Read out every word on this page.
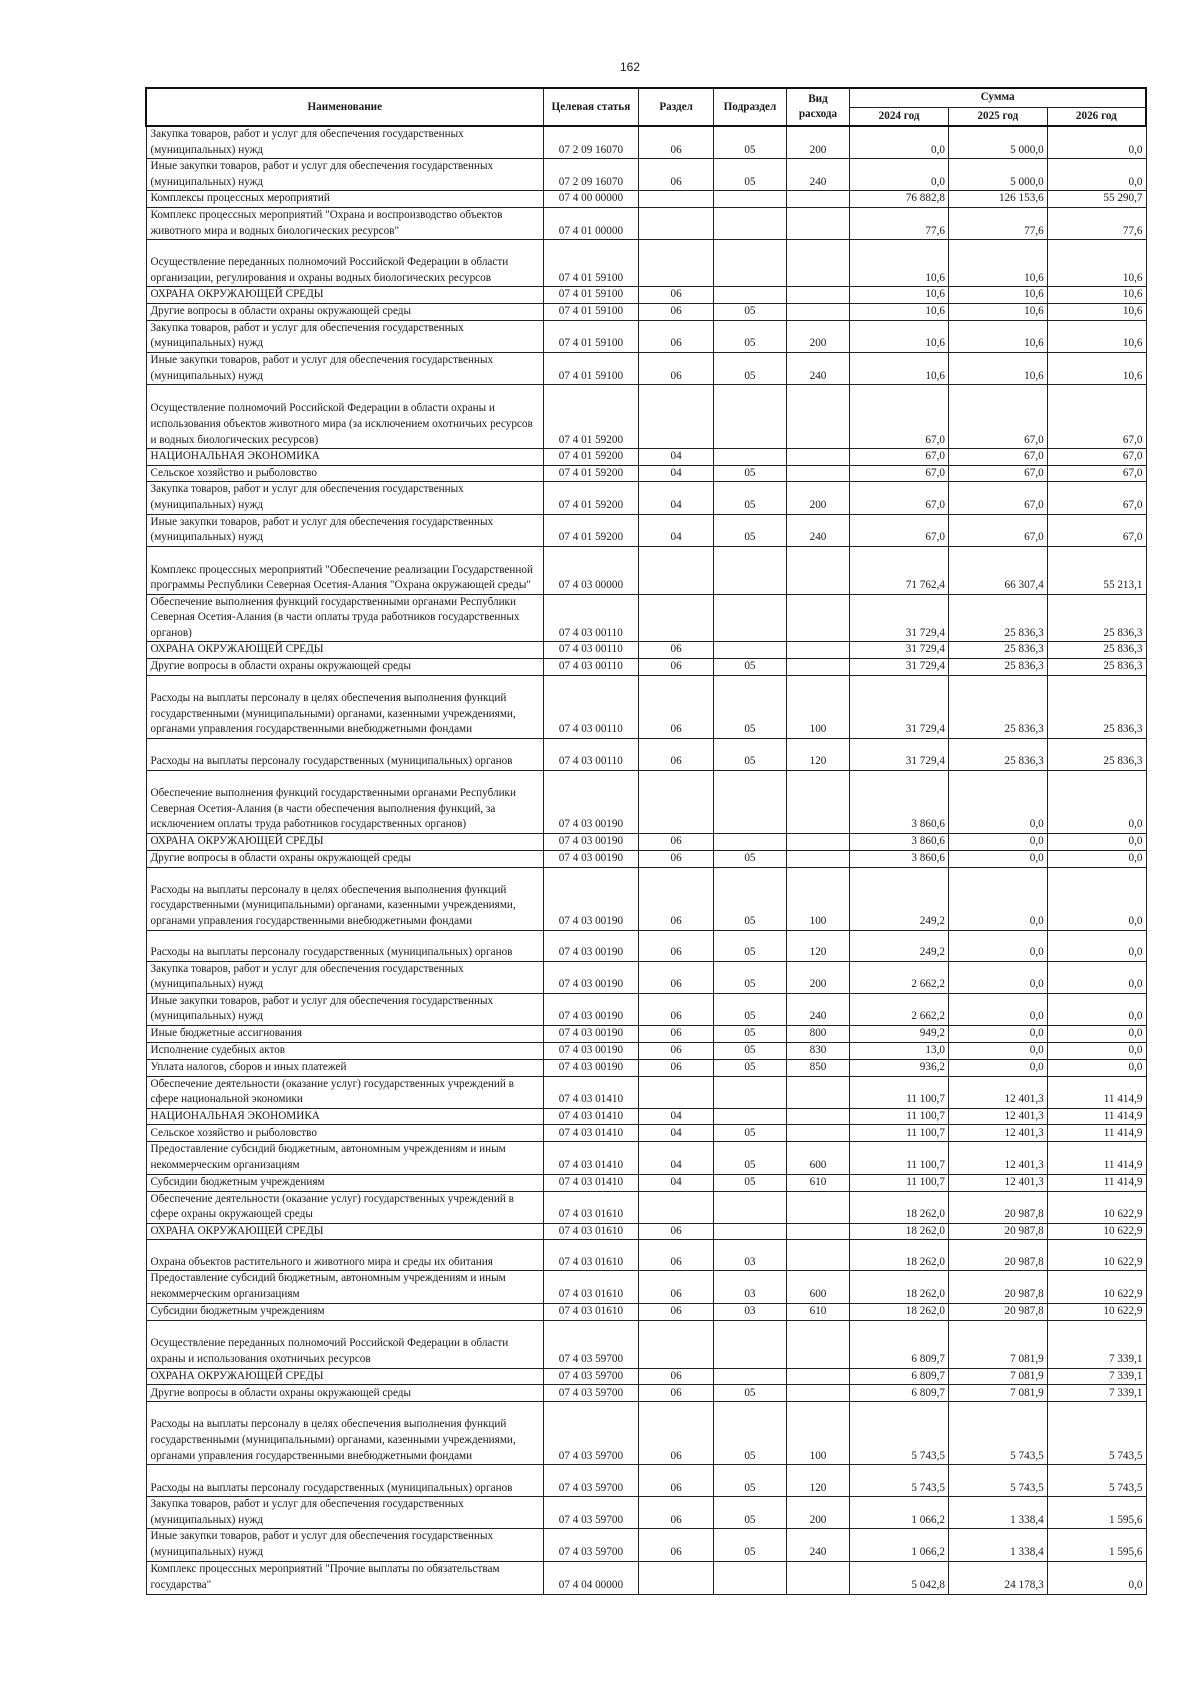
162
Наименование	Целевая статья	Раздел	Подраздел	Вид расхода	Сумма		
					2024 год	2025 год	2026 год
Закупка товаров, работ и услуг для обеспечения государственных (муниципальных) нужд	07 2 09 16070	06	05	200	0,0	5 000,0	0,0
Иные закупки товаров, работ и услуг для обеспечения государственных (муниципальных) нужд	07 2 09 16070	06	05	240	0,0	5 000,0	0,0
Комплексы процессных мероприятий	07 4 00 00000				76 882,8	126 153,6	55 290,7
Комплекс процессных мероприятий "Охрана и воспроизводство объектов животного мира и водных биологических ресурсов"	07 4 01 00000				77,6	77,6	77,6
Осуществление переданных полномочий Российской Федерации в области организации, регулирования и охраны водных биологических ресурсов	07 4 01 59100				10,6	10,6	10,6
ОХРАНА ОКРУЖАЮЩЕЙ СРЕДЫ	07 4 01 59100	06			10,6	10,6	10,6
Другие вопросы в области охраны окружающей среды	07 4 01 59100	06	05		10,6	10,6	10,6
Закупка товаров, работ и услуг для обеспечения государственных (муниципальных) нужд	07 4 01 59100	06	05	200	10,6	10,6	10,6
Иные закупки товаров, работ и услуг для обеспечения государственных (муниципальных) нужд	07 4 01 59100	06	05	240	10,6	10,6	10,6
Осуществление полномочий Российской Федерации в области охраны и использования объектов животного мира (за исключением охотничьих ресурсов и водных биологических ресурсов)	07 4 01 59200				67,0	67,0	67,0
НАЦИОНАЛЬНАЯ ЭКОНОМИКА	07 4 01 59200	04			67,0	67,0	67,0
Сельское хозяйство и рыболовство	07 4 01 59200	04	05		67,0	67,0	67,0
Закупка товаров, работ и услуг для обеспечения государственных (муниципальных) нужд	07 4 01 59200	04	05	200	67,0	67,0	67,0
Иные закупки товаров, работ и услуг для обеспечения государственных (муниципальных) нужд	07 4 01 59200	04	05	240	67,0	67,0	67,0
Комплекс процессных мероприятий "Обеспечение реализации Государственной программы Республики Северная Осетия-Алания "Охрана окружающей среды"	07 4 03 00000				71 762,4	66 307,4	55 213,1
Обеспечение выполнения функций государственными органами Республики Северная Осетия-Алания (в части оплаты труда работников государственных органов)	07 4 03 00110				31 729,4	25 836,3	25 836,3
ОХРАНА ОКРУЖАЮЩЕЙ СРЕДЫ	07 4 03 00110	06			31 729,4	25 836,3	25 836,3
Другие вопросы в области охраны окружающей среды	07 4 03 00110	06	05		31 729,4	25 836,3	25 836,3
Расходы на выплаты персоналу в целях обеспечения выполнения функций государственными (муниципальными) органами, казенными учреждениями, органами управления государственными внебюджетными фондами	07 4 03 00110	06	05	100	31 729,4	25 836,3	25 836,3
Расходы на выплаты персоналу государственных (муниципальных) органов	07 4 03 00110	06	05	120	31 729,4	25 836,3	25 836,3
Обеспечение выполнения функций государственными органами Республики Северная Осетия-Алания (в части обеспечения выполнения функций, за исключением оплаты труда работников государственных органов)	07 4 03 00190				3 860,6	0,0	0,0
ОХРАНА ОКРУЖАЮЩЕЙ СРЕДЫ	07 4 03 00190	06			3 860,6	0,0	0,0
Другие вопросы в области охраны окружающей среды	07 4 03 00190	06	05		3 860,6	0,0	0,0
Расходы на выплаты персоналу в целях обеспечения выполнения функций государственными (муниципальными) органами, казенными учреждениями, органами управления государственными внебюджетными фондами	07 4 03 00190	06	05	100	249,2	0,0	0,0
Расходы на выплаты персоналу государственных (муниципальных) органов	07 4 03 00190	06	05	120	249,2	0,0	0,0
Закупка товаров, работ и услуг для обеспечения государственных (муниципальных) нужд	07 4 03 00190	06	05	200	2 662,2	0,0	0,0
Иные закупки товаров, работ и услуг для обеспечения государственных (муниципальных) нужд	07 4 03 00190	06	05	240	2 662,2	0,0	0,0
Иные бюджетные ассигнования	07 4 03 00190	06	05	800	949,2	0,0	0,0
Исполнение судебных актов	07 4 03 00190	06	05	830	13,0	0,0	0,0
Уплата налогов, сборов и иных платежей	07 4 03 00190	06	05	850	936,2	0,0	0,0
Обеспечение деятельности (оказание услуг) государственных учреждений в сфере национальной экономики	07 4 03 01410				11 100,7	12 401,3	11 414,9
НАЦИОНАЛЬНАЯ ЭКОНОМИКА	07 4 03 01410	04			11 100,7	12 401,3	11 414,9
Сельское хозяйство и рыболовство	07 4 03 01410	04	05		11 100,7	12 401,3	11 414,9
Предоставление субсидий бюджетным, автономным учреждениям и иным некоммерческим организациям	07 4 03 01410	04	05	600	11 100,7	12 401,3	11 414,9
Субсидии бюджетным учреждениям	07 4 03 01410	04	05	610	11 100,7	12 401,3	11 414,9
Обеспечение деятельности (оказание услуг) государственных учреждений в сфере охраны окружающей среды	07 4 03 01610				18 262,0	20 987,8	10 622,9
ОХРАНА ОКРУЖАЮЩЕЙ СРЕДЫ	07 4 03 01610	06			18 262,0	20 987,8	10 622,9
Охрана объектов растительного и животного мира и среды их обитания	07 4 03 01610	06	03		18 262,0	20 987,8	10 622,9
Предоставление субсидий бюджетным, автономным учреждениям и иным некоммерческим организациям	07 4 03 01610	06	03	600	18 262,0	20 987,8	10 622,9
Субсидии бюджетным учреждениям	07 4 03 01610	06	03	610	18 262,0	20 987,8	10 622,9
Осуществление переданных полномочий Российской Федерации в области охраны и использования охотничьих ресурсов	07 4 03 59700				6 809,7	7 081,9	7 339,1
ОХРАНА ОКРУЖАЮЩЕЙ СРЕДЫ	07 4 03 59700	06			6 809,7	7 081,9	7 339,1
Другие вопросы в области охраны окружающей среды	07 4 03 59700	06	05		6 809,7	7 081,9	7 339,1
Расходы на выплаты персоналу в целях обеспечения выполнения функций государственными (муниципальными) органами, казенными учреждениями, органами управления государственными внебюджетными фондами	07 4 03 59700	06	05	100	5 743,5	5 743,5	5 743,5
Расходы на выплаты персоналу государственных (муниципальных) органов	07 4 03 59700	06	05	120	5 743,5	5 743,5	5 743,5
Закупка товаров, работ и услуг для обеспечения государственных (муниципальных) нужд	07 4 03 59700	06	05	200	1 066,2	1 338,4	1 595,6
Иные закупки товаров, работ и услуг для обеспечения государственных (муниципальных) нужд	07 4 03 59700	06	05	240	1 066,2	1 338,4	1 595,6
Комплекс процессных мероприятий "Прочие выплаты по обязательствам государства"	07 4 04 00000				5 042,8	24 178,3	0,0
